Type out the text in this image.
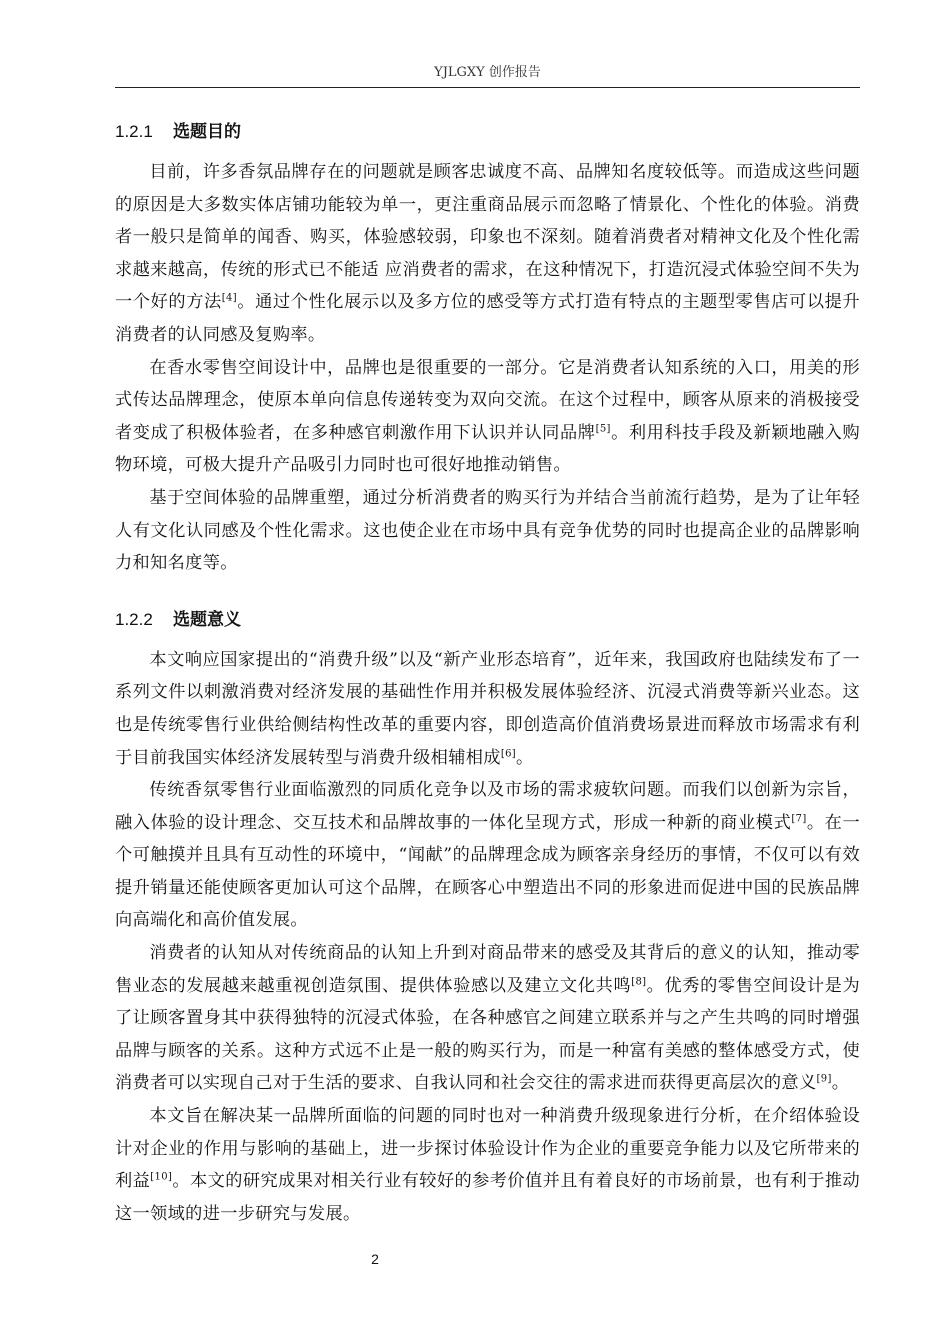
YJLGXY 创作报告
1.2.1 选题目的

目前，许多香氛品牌存在的问题就是顾客忠诚度不高、品牌知名度较低等。而造成这些问题的原因是大多数实体店铺功能较为单一，更注重商品展示而忽略了情景化、个性化的体验。消费者一般只是简单的闻香、购买，体验感较弱，印象也不深刻。随着消费者对精神文化及个性化需求越来越高，传统的形式已不能适 应消费者的需求，在这种情况下，打造沉浸式体验空间不失为一个好的方法[4]。通过个性化展示以及多方位的感受等方式打造有特点的主题型零售店可以提升消费者的认同感及复购率。

在香水零售空间设计中，品牌也是很重要的一部分。它是消费者认知系统的入口，用美的形式传达品牌理念，使原本单向信息传递转变为双向交流。在这个过程中，顾客从原来的消极接受者变成了积极体验者，在多种感官刺激作用下认识并认同品牌[5]。利用科技手段及新颖地融入购物环境，可极大提升产品吸引力同时也可很好地推动销售。

基于空间体验的品牌重塑，通过分析消费者的购买行为并结合当前流行趋势，是为了让年轻人有文化认同感及个性化需求。这也使企业在市场中具有竞争优势的同时也提高企业的品牌影响力和知名度等。

1.2.2 选题意义

本文响应国家提出的“消费升级”以及“新产业形态培育”，近年来，我国政府也陆续发布了一系列文件以刺激消费对经济发展的基础性作用并积极发展体验经济、沉浸式消费等新兴业态。这也是传统零售行业供给侧结构性改革的重要内容，即创造高价值消费场景进而释放市场需求有利于目前我国实体经济发展转型与消费升级相辅相成[6]。

传统香氛零售行业面临激烈的同质化竞争以及市场的需求疲软问题。而我们以创新为宗旨，融入体验的设计理念、交互技术和品牌故事的一体化呈现方式，形成一种新的商业模式[7]。在一个可触摸并且具有互动性的环境中，“闻献”的品牌理念成为顾客亲身经历的事情，不仅可以有效提升销量还能使顾客更加认可这个品牌，在顾客心中塑造出不同的形象进而促进中国的民族品牌向高端化和高价值发展。

消费者的认知从对传统商品的认知上升到对商品带来的感受及其背后的意义的认知，推动零售业态的发展越来越重视创造氛围、提供体验感以及建立文化共鸣[8]。优秀的零售空间设计是为了让顾客置身其中获得独特的沉浸式体验，在各种感官之间建立联系并与之产生共鸣的同时增强品牌与顾客的关系。这种方式远不止是一般的购买行为，而是一种富有美感的整体感受方式，使消费者可以实现自己对于生活的要求、自我认同和社会交往的需求进而获得更高层次的意义[9]。

本文旨在解决某一品牌所面临的问题的同时也对一种消费升级现象进行分析，在介绍体验设计对企业的作用与影响的基础上，进一步探讨体验设计作为企业的重要竞争能力以及它所带来的利益[10]。本文的研究成果对相关行业有较好的参考价值并且有着良好的市场前景，也有利于推动这一领域的进一步研究与发展。

2
